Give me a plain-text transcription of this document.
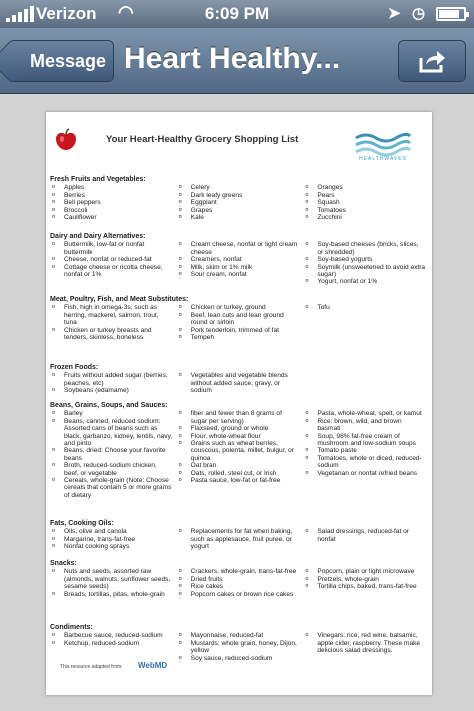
Verizon ◠	6:09 PM	➤ ◷
Message Heart Healthy...
Your Heart-Healthy Grocery Shopping List
HEALTHWAVES
Fresh Fruits and Vegetables:
o Apples
o Berries
o Bell peppers
o Broccoli
o Cauliflower
o Celery
o Dark leafy greens
o Eggplant
o Grapes
o Kale
o Oranges
o Pears
o Squash
o Tomatoes
o Zucchini
Dairy and Dairy Alternatives:
o Buttermilk, low-fat or nonfat buttermilk
o Cheese, nonfat or reduced-fat
o Cottage cheese or ricotta cheese, nonfat or 1%
o Cream cheese, nonfat or light cream cheese
o Creamers, nonfat
o Milk, skim or 1% milk
o Sour cream, nonfat
o Soy-based cheeses (bricks, slices, or shredded)
o Soy-based yogurts
o Soymilk (unsweetened to avoid extra sugar)
o Yogurt, nonfat or 1%
Meat, Poultry, Fish, and Meat Substitutes:
o Fish, high in omega-3s, such as herring, mackerel, salmon, trout, tuna
o Chicken or turkey breasts and tenders, skinless, boneless
o Chicken or turkey, ground
o Beef, lean cuts and lean ground round or sirloin
o Pork tenderloin, trimmed of fat
o Tempeh
o Tofu
Frozen Foods:
o Fruits without added sugar (berries, peaches, etc)
o Soybeans (edamame)
o Vegetables and vegetable blends without added sauce, gravy, or sodium
Beans, Grains, Soups, and Sauces:
o Barley
o Beans, canned, reduced sodium: Assorted cans of beans such as black, garbanzo, kidney, lentils, navy, and pinto
o Beans, dried: Choose your favorite beans
o Broth, reduced-sodium chicken, beef, or vegetable
o Cereals, whole-grain (Note: Choose cereals that contain 5 or more grams of dietary
o fiber and fewer than 8 grams of sugar per serving)
o Flaxseed, ground or whole
o Flour, whole-wheat flour
o Grains such as wheat berries, couscous, polenta, millet, bulgur, or quinoa
o Oat bran
o Oats, rolled, steel cut, or Irish
o Pasta sauce, low-fat or fat-free
o Pasta, whole-wheat, spelt, or kamut
o Rice: brown, wild, and brown basmati
o Soup, 98% fat-free cream of mushroom and low-sodium soups
o Tomato paste
o Tomatoes, whole or diced, reduced-sodium
o Vegetarian or nonfat refried beans
Fats, Cooking Oils:
o Oils, olive and canola
o Margarine, trans-fat-free
o Nonfat cooking sprays
o Replacements for fat when baking, such as applesauce, fruit puree, or yogurt
o Salad dressings, reduced-fat or nonfat
Snacks:
o Nuts and seeds, assorted raw (almonds, walnuts, sunflower seeds, sesame seeds)
o Breads, tortillas, pitas, whole-grain
o Crackers, whole-grain, trans-fat-free
o Dried fruits
o Rice cakes
o Popcorn cakes or brown rice cakes
o Popcorn, plain or light microwave
o Pretzels, whole-grain
o Tortilla chips, baked, trans-fat-free
Condiments:
o Barbecue sauce, reduced-sodium
o Ketchup, reduced-sodium
o Mayonnaise, reduced-fat
o Mustards: whole grain, honey, Dijon, yellow
o Soy sauce, reduced-sodium
o Vinegars: rice, red wine, balsamic, apple cider, raspberry. These make delicious salad dressings.
This resource adapted from: WebMD
